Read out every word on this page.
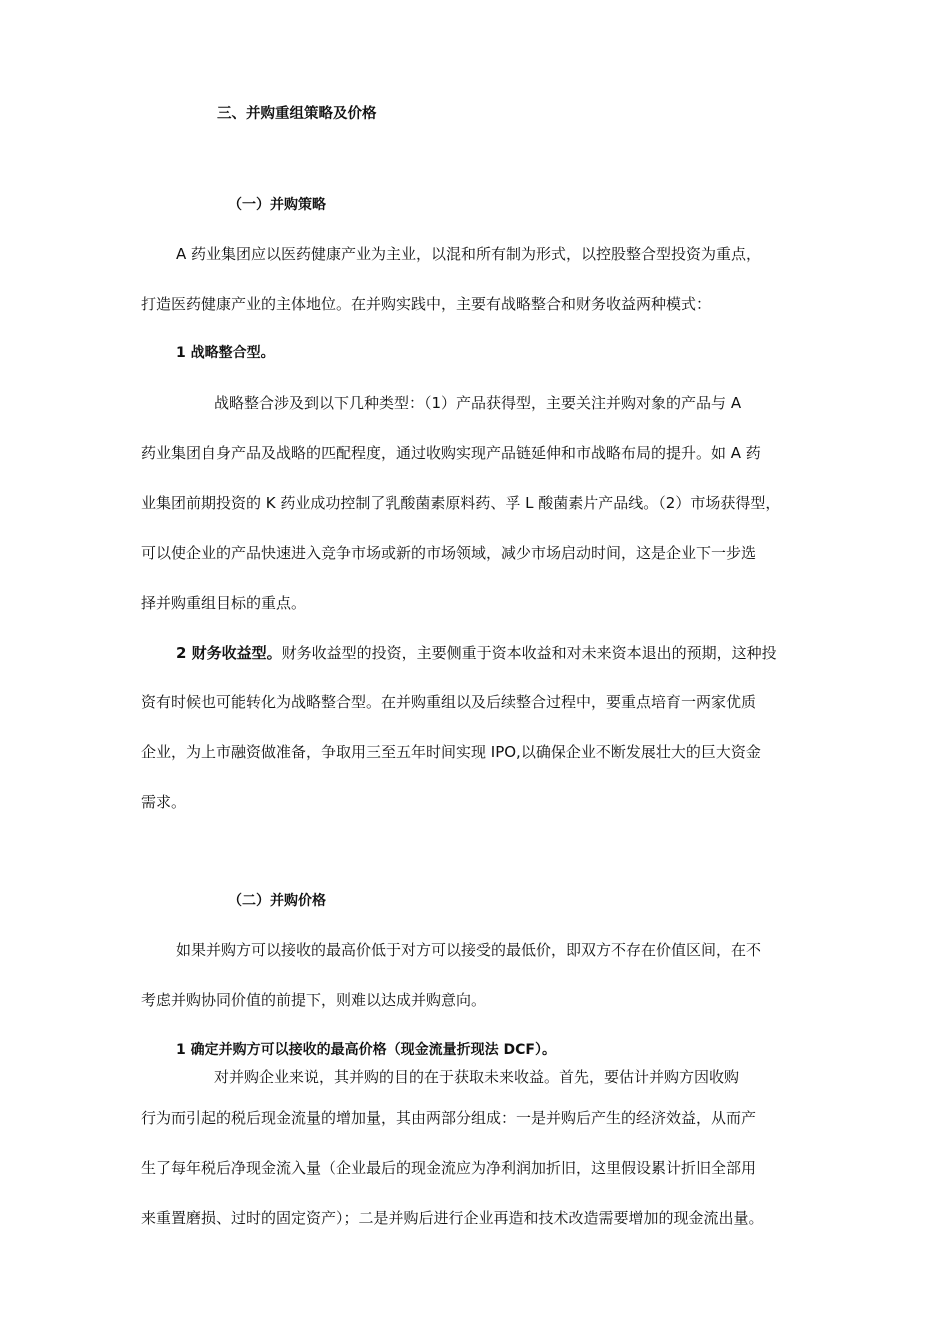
三、并购重组策略及价格
（一）并购策略
A 药业集团应以医药健康产业为主业，以混和所有制为形式，以控股整合型投资为重点，
打造医药健康产业的主体地位。在并购实践中，主要有战略整合和财务收益两种模式：
1 战略整合型。
战略整合涉及到以下几种类型：（1）产品获得型，主要关注并购对象的产品与 A
药业集团自身产品及战略的匹配程度，通过收购实现产品链延伸和市战略布局的提升。如 A 药
业集团前期投资的 K 药业成功控制了乳酸菌素原料药、孚 L 酸菌素片产品线。（2）市场获得型，
可以使企业的产品快速进入竞争市场或新的市场领域，减少市场启动时间，这是企业下一步选
择并购重组目标的重点。
2 财务收益型。财务收益型的投资，主要侧重于资本收益和对未来资本退出的预期，这种投
资有时候也可能转化为战略整合型。在并购重组以及后续整合过程中，要重点培育一两家优质
企业，为上市融资做准备，争取用三至五年时间实现 IPO,以确保企业不断发展壮大的巨大资金
需求。
（二）并购价格
如果并购方可以接收的最高价低于对方可以接受的最低价，即双方不存在价值区间，在不
考虑并购协同价值的前提下，则难以达成并购意向。
1 确定并购方可以接收的最高价格（现金流量折现法 DCF）。
对并购企业来说，其并购的目的在于获取未来收益。首先，要估计并购方因收购
行为而引起的税后现金流量的增加量，其由两部分组成：一是并购后产生的经济效益，从而产
生了每年税后净现金流入量（企业最后的现金流应为净利润加折旧，这里假设累计折旧全部用
来重置磨损、过时的固定资产）；二是并购后进行企业再造和技术改造需要增加的现金流出量。
